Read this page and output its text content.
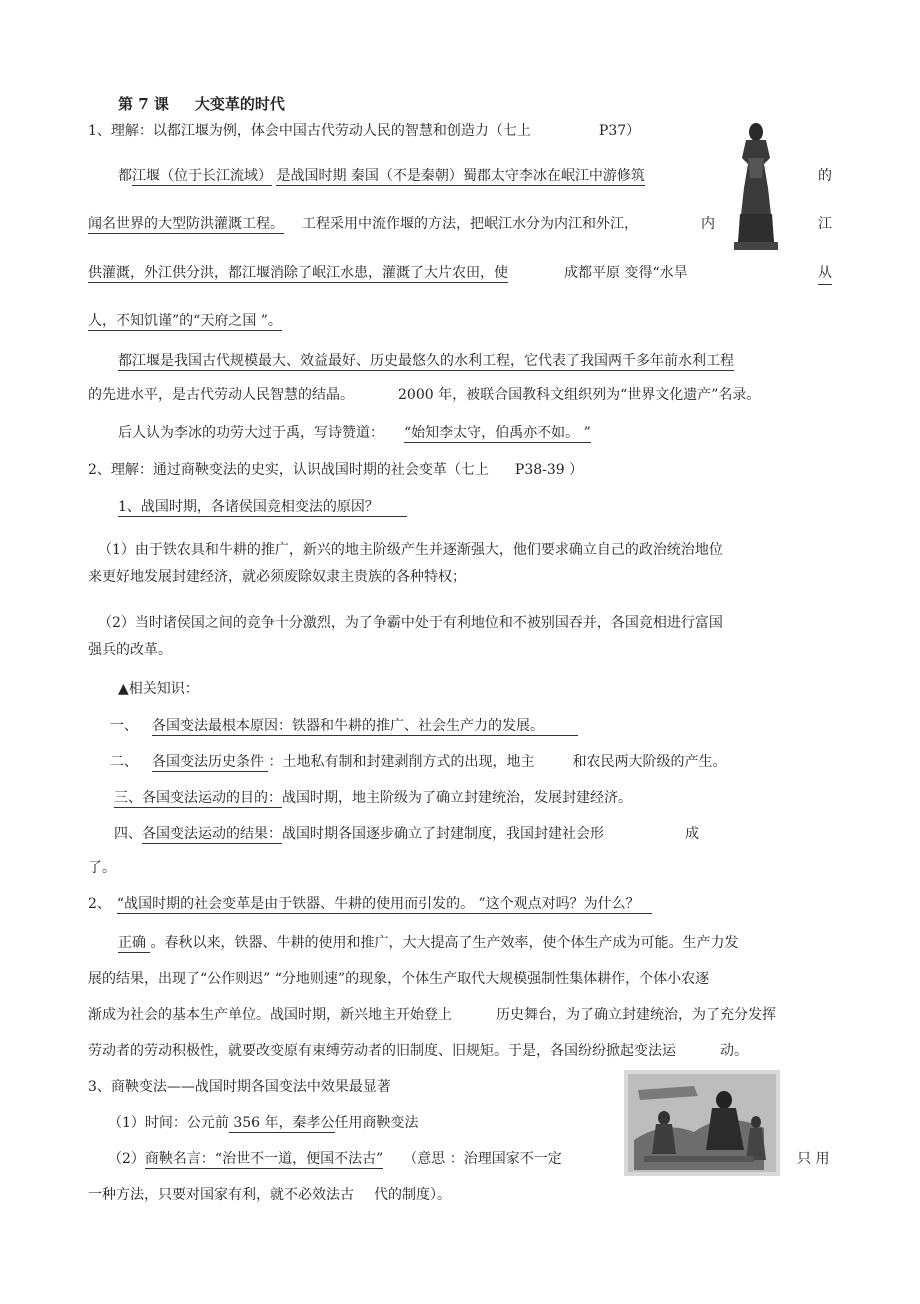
第 7 课 大变革的时代
1、理解：以都江堰为例，体会中国古代劳动人民的智慧和创造力（七上	P37）
都江堰（位于长江流域） 是战国时期 秦国（不是秦朝）蜀郡太守李冰在岷江中游修筑	的
闻名世界的大型防洪灌溉工程。 工程采用中流作堰的方法，把岷江水分为内江和外江，	内	江
供灌溉，外江供分洪，都江堰消除了岷江水患，灌溉了大片农田，使	成都平原 变得“水旱	从
人，不知饥谨”的“天府之国 ”。
都江堰是我国古代规模最大、效益最好、历史最悠久的水利工程，它代表了我国两千多年前水利工程
的先进水平，是古代劳动人民智慧的结晶。	2000 年，被联合国教科文组织列为“世界文化遗产”名录。
后人认为李冰的功劳大过于禹，写诗赞道： “始知李太守，伯禹亦不如。 ”
2、理解：通过商鞅变法的史实，认识战国时期的社会变革（七上 P38-39 ）
1、战国时期，各诸侯国竞相变法的原因？
（1）由于铁农具和牛耕的推广，新兴的地主阶级产生并逐渐强大，他们要求确立自己的政治统治地位
来更好地发展封建经济，就必须废除奴隶主贵族的各种特权；
（2）当时诸侯国之间的竞争十分激烈，为了争霸中处于有利地位和不被别国吞并，各国竞相进行富国
强兵的改革。
▲相关知识：
一、 各国变法最根本原因：铁器和牛耕的推广、社会生产力的发展。
二、 各国变法历史条件 ：土地私有制和封建剥削方式的出现，地主	和农民两大阶级的产生。
三、各国变法运动的目的：战国时期，地主阶级为了确立封建统治，发展封建经济。
四、各国变法运动的结果：战国时期各国逐步确立了封建制度，我国封建社会形	成
了。
2、 “战国时期的社会变革是由于铁器、牛耕的使用而引发的。 ”这个观点对吗？为什么？
正确 。春秋以来，铁器、牛耕的使用和推广，大大提高了生产效率，使个体生产成为可能。生产力发
展的结果，出现了“公作则迟” “分地则速”的现象，个体生产取代大规模强制性集体耕作，个体小农逐
渐成为社会的基本生产单位。战国时期，新兴地主开始登上	历史舞台，为了确立封建统治，为了充分发挥
劳动者的劳动积极性，就要改变原有束缚劳动者的旧制度、旧规矩。于是，各国纷纷掀起变法运	动。
3、商鞅变法——战国时期各国变法中效果最显著
（1）时间：公元前 356 年，秦孝公任用商鞅变法
（2）商鞅名言：“治世不一道，便国不法古” （意思 ：治理国家不一定	只 用
一种方法，只要对国家有利，就不必效法古 代的制度）。
